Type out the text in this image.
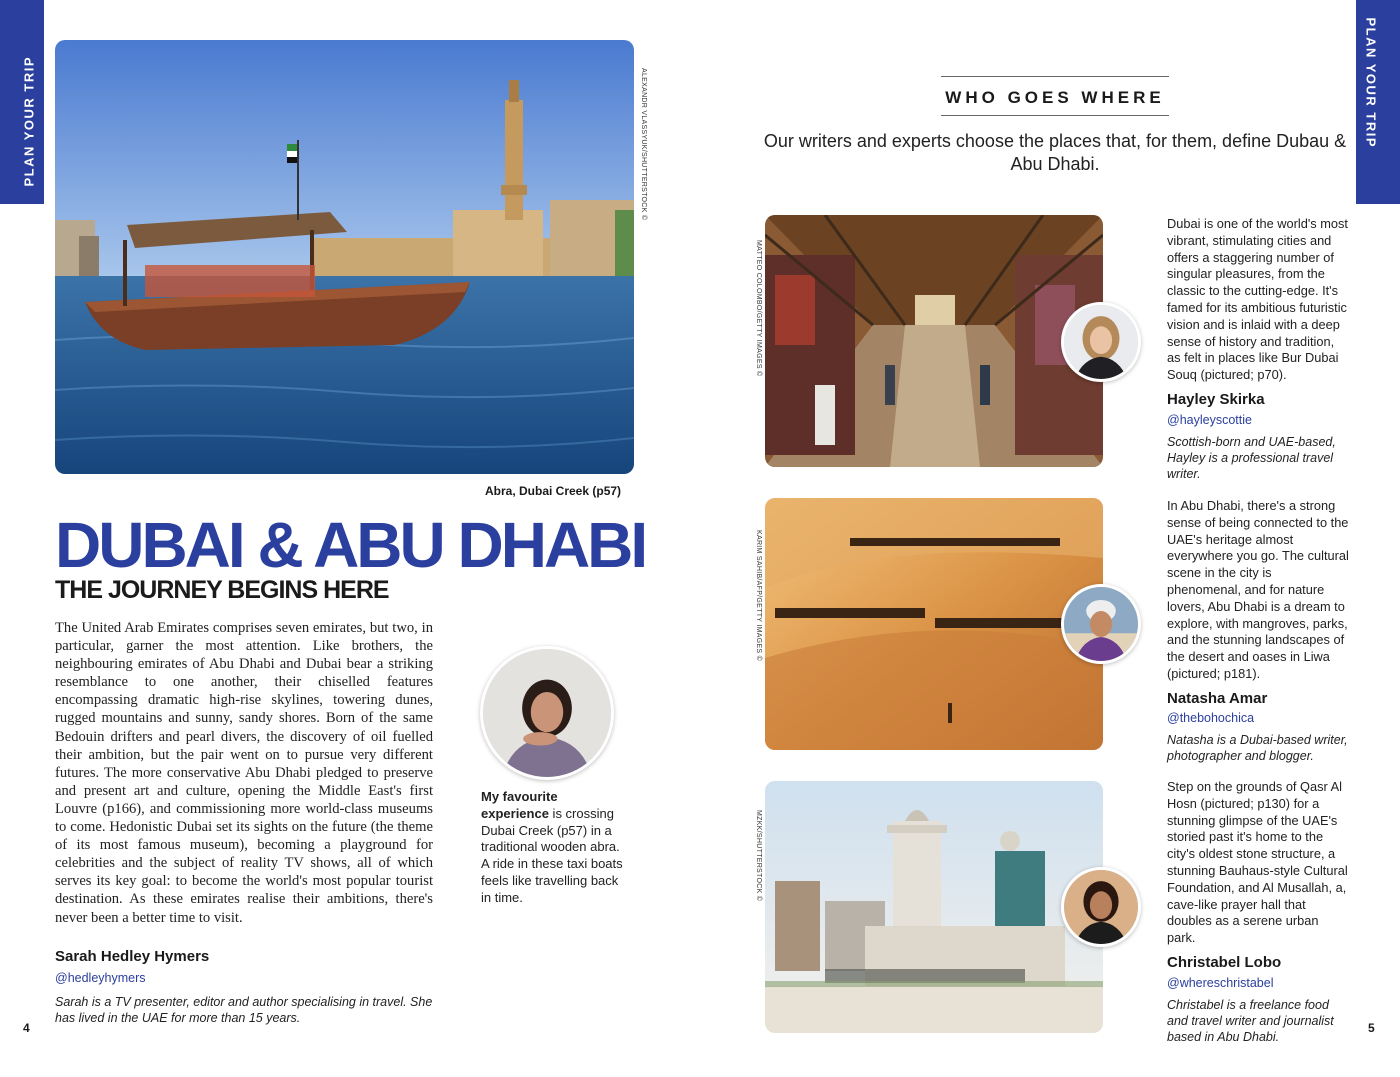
PLAN YOUR TRIP	PLAN YOUR TRIP
ALEXANDR VLASSYUK/SHUTTERSTOCK ©
Abra, Dubai Creek (p57)
DUBAI & ABU DHABI
THE JOURNEY BEGINS HERE
The United Arab Emirates comprises seven emirates, but two, in particular, garner the most attention. Like brothers, the neighbouring emirates of Abu Dhabi and Dubai bear a striking resemblance to one another, their chiselled features encompassing dramatic high-rise skylines, towering dunes, rugged mountains and sunny, sandy shores. Born of the same Bedouin drifters and pearl divers, the discovery of oil fuelled their ambition, but the pair went on to pursue very different futures. The more conservative Abu Dhabi pledged to preserve and present art and culture, opening the Middle East's first Louvre (p166), and commissioning more world-class museums to come. Hedonistic Dubai set its sights on the future (the theme of its most famous museum), becoming a playground for celebrities and the subject of reality TV shows, all of which serves its key goal: to become the world's most popular tourist destination. As these emirates realise their ambitions, there's never been a better time to visit.
Sarah Hedley Hymers
@hedleyhymers
Sarah is a TV presenter, editor and author specialising in travel. She has lived in the UAE for more than 15 years.
My favourite experience is crossing Dubai Creek (p57) in a traditional wooden abra. A ride in these taxi boats feels like travelling back in time.
4	5
WHO GOES WHERE
Our writers and experts choose the places that, for them, define Dubau & Abu Dhabi.
MATTEO COLOMBO/GETTY IMAGES ©
Dubai is one of the world's most vibrant, stimulating cities and offers a staggering number of singular pleasures, from the classic to the cutting-edge. It's famed for its ambitious futuristic vision and is inlaid with a deep sense of history and tradition, as felt in places like Bur Dubai Souq (pictured; p70).
Hayley Skirka
@hayleyscottie
Scottish-born and UAE-based, Hayley is a professional travel writer.
KARIM SAHIB/AFP/GETTY IMAGES ©
In Abu Dhabi, there's a strong sense of being connected to the UAE's heritage almost everywhere you go. The cultural scene in the city is phenomenal, and for nature lovers, Abu Dhabi is a dream to explore, with mangroves, parks, and the stunning landscapes of the desert and oases in Liwa (pictured; p181).
Natasha Amar
@thebohochica
Natasha is a Dubai-based writer, photographer and blogger.
MZKK/SHUTTERSTOCK ©
Step on the grounds of Qasr Al Hosn (pictured; p130) for a stunning glimpse of the UAE's storied past it's home to the city's oldest stone structure, a stunning Bauhaus-style Cultural Foundation, and Al Musallah, a, cave-like prayer hall that doubles as a serene urban park.
Christabel Lobo
@whereschristabel
Christabel is a freelance food and travel writer and journalist based in Abu Dhabi.
